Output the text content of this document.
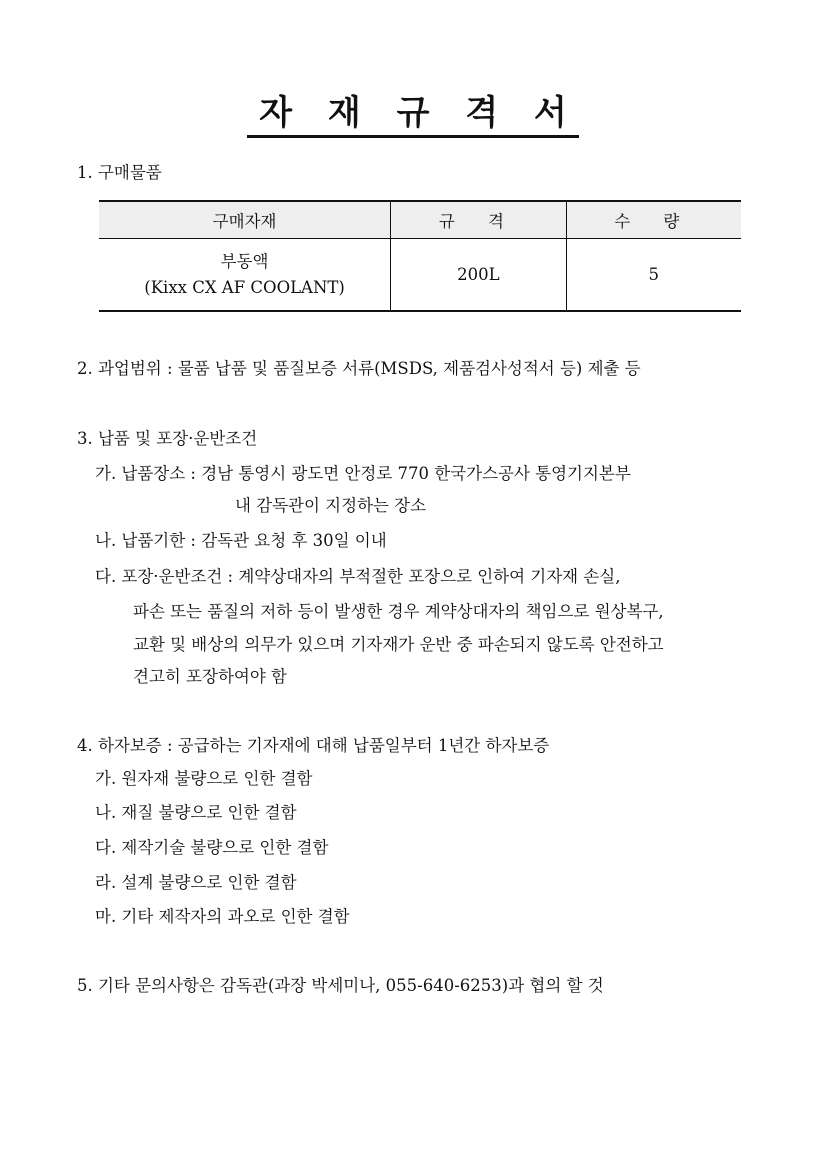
자 재 규 격 서
1. 구매물품
구매자재	규 격	수 량

부동액
(Kixx CX AF COOLANT)	200L	5
2. 과업범위 : 물품 납품 및 품질보증 서류(MSDS, 제품검사성적서 등) 제출 등
3. 납품 및 포장·운반조건
가. 납품장소 : 경남 통영시 광도면 안정로 770 한국가스공사 통영기지본부
내 감독관이 지정하는 장소
나. 납품기한 : 감독관 요청 후 30일 이내
다. 포장·운반조건 : 계약상대자의 부적절한 포장으로 인하여 기자재 손실,
파손 또는 품질의 저하 등이 발생한 경우 계약상대자의 책임으로 원상복구,
교환 및 배상의 의무가 있으며 기자재가 운반 중 파손되지 않도록 안전하고
견고히 포장하여야 함
4. 하자보증 : 공급하는 기자재에 대해 납품일부터 1년간 하자보증
가. 원자재 불량으로 인한 결함
나. 재질 불량으로 인한 결함
다. 제작기술 불량으로 인한 결함
라. 설계 불량으로 인한 결함
마. 기타 제작자의 과오로 인한 결함
5. 기타 문의사항은 감독관(과장 박세미나, 055-640-6253)과 협의 할 것
